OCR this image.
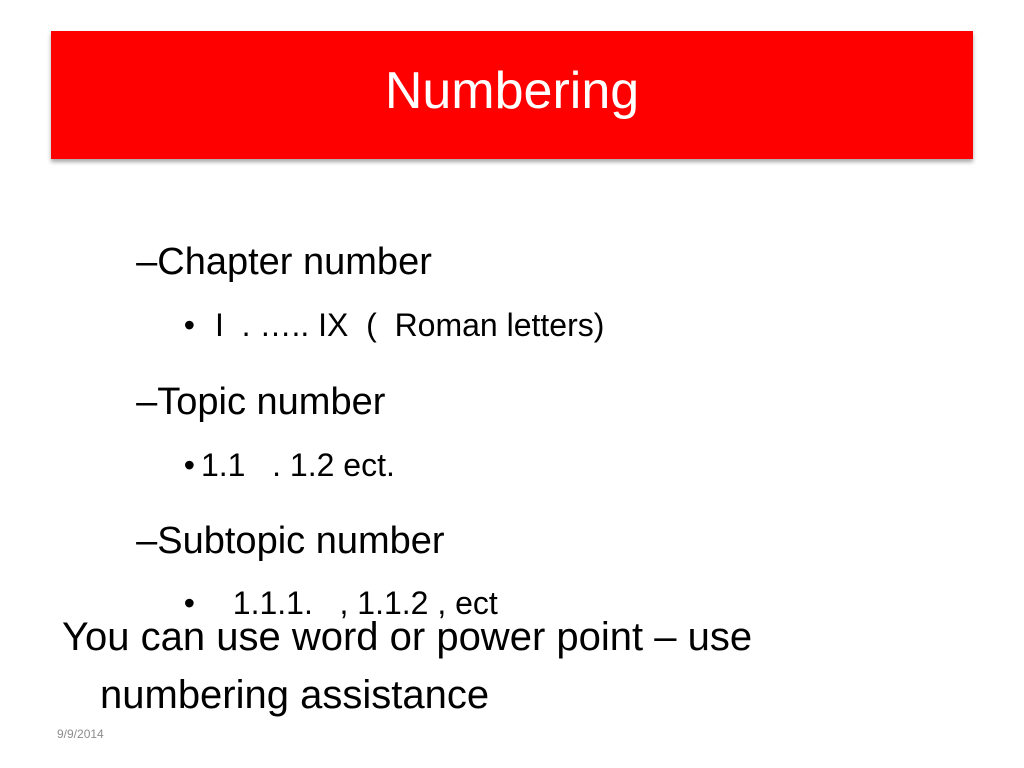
Numbering

–Chapter number

• I  . ….. IX  (  Roman letters)

–Topic number

• 1.1   . 1.2 ect.

–Subtopic number

•  1.1.1.   , 1.1.2 , ect

You can use word or power point – use
numbering assistance
9/9/2014
